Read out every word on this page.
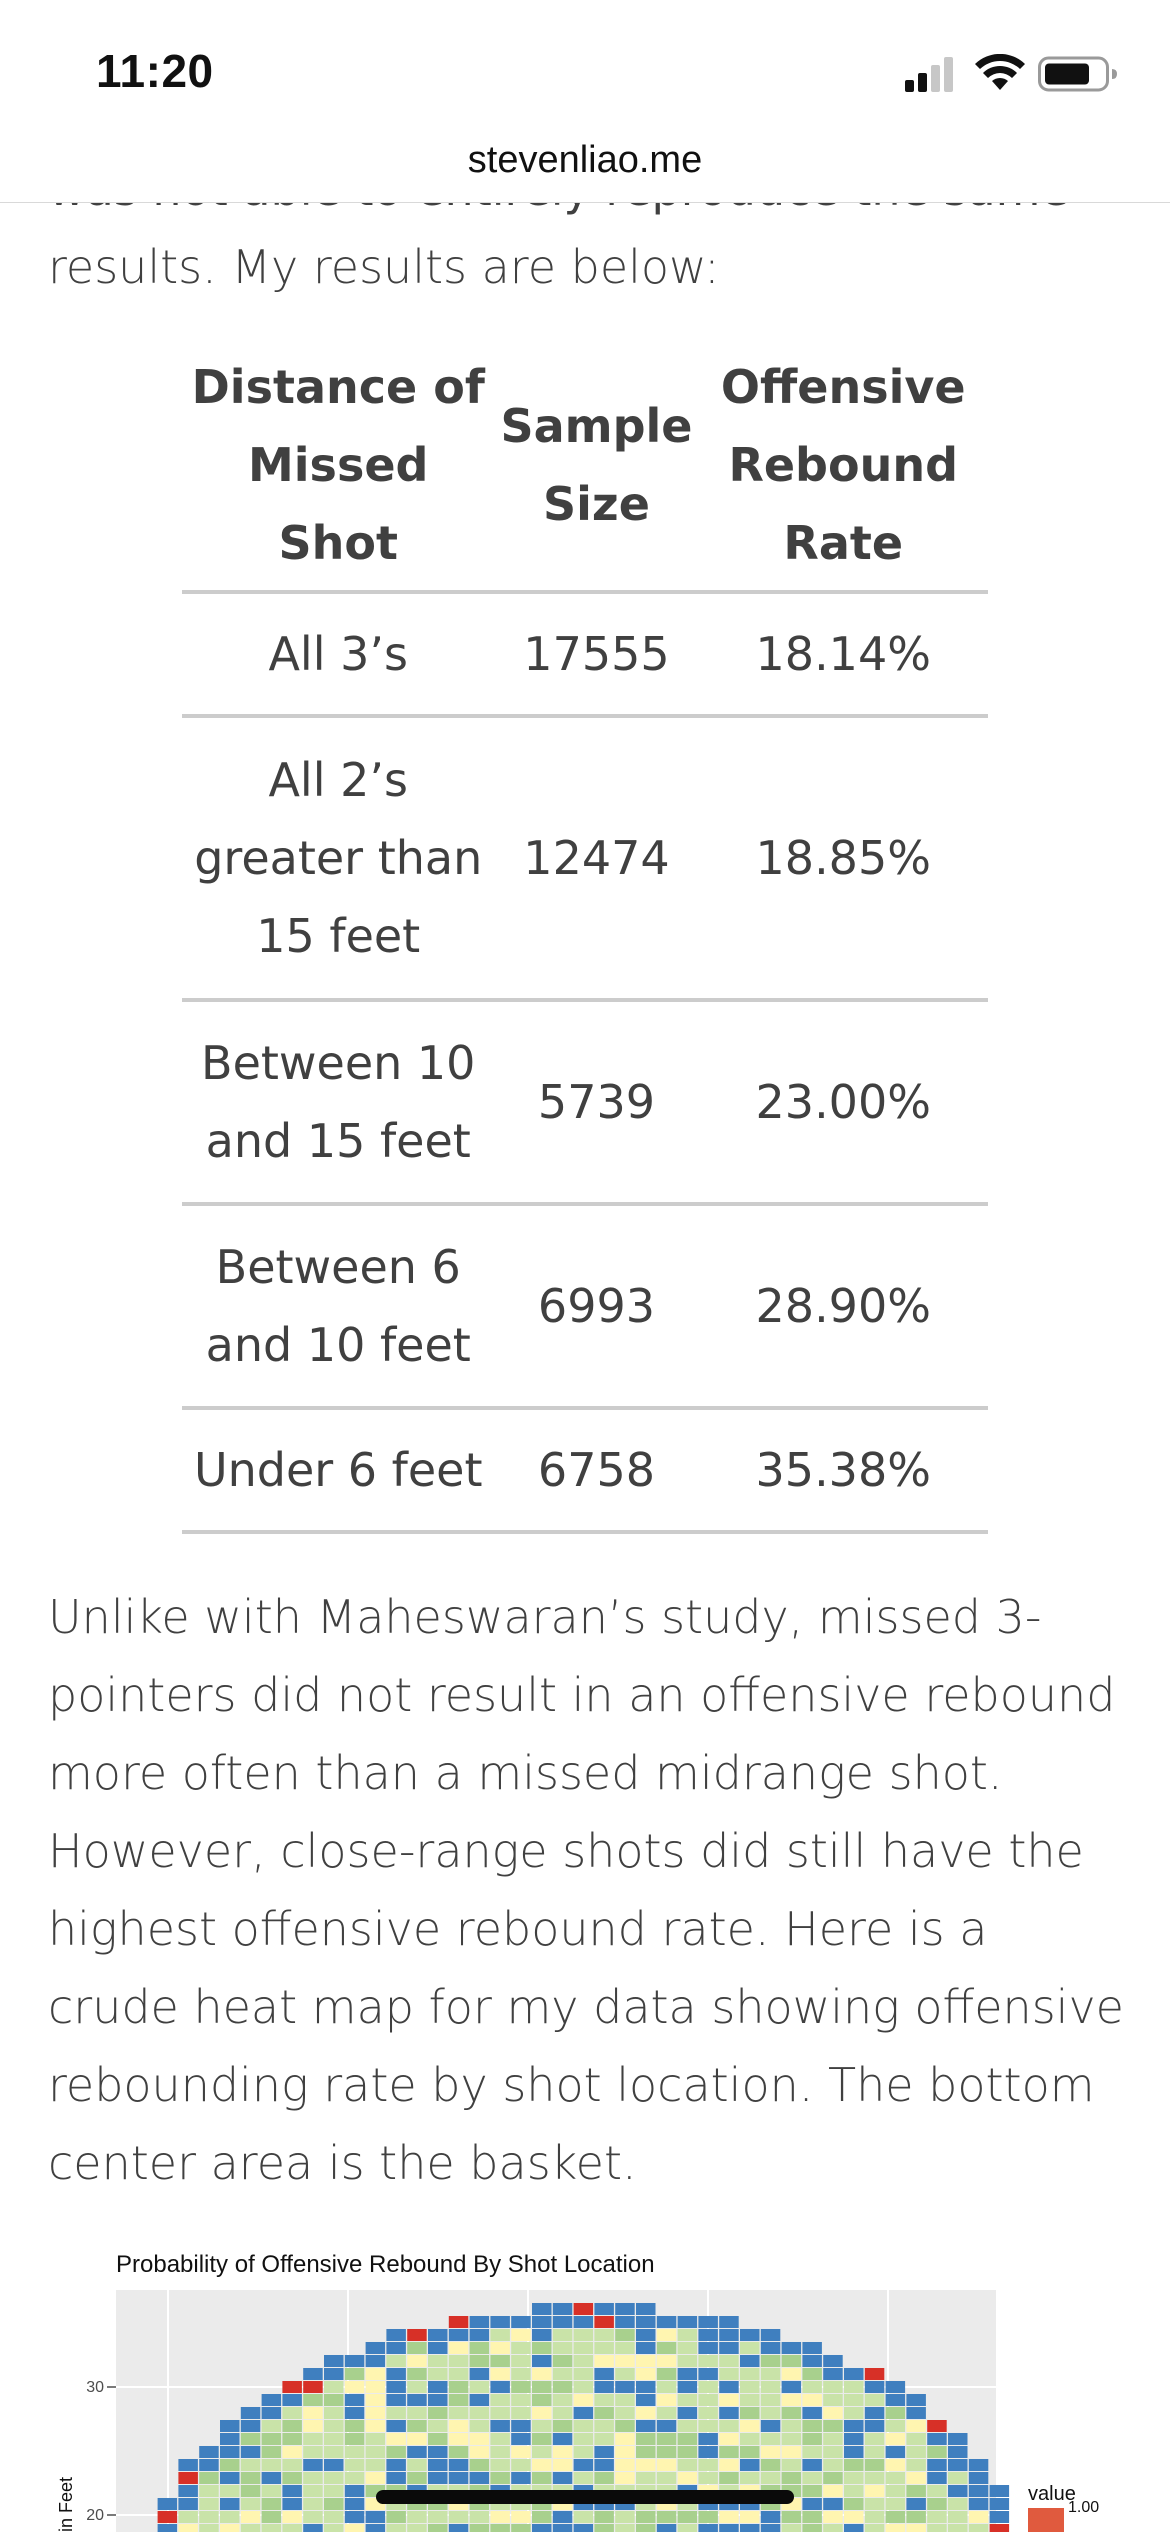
11:20
stevenliao.me

results. My results are below:

Distance of Missed Shot	Sample Size	Offensive Rebound Rate
All 3’s	17555	18.14%
All 2’s greater than 15 feet	12474	18.85%
Between 10 and 15 feet	5739	23.00%
Between 6 and 10 feet	6993	28.90%
Under 6 feet	6758	35.38%

Unlike with Maheswaran’s study, missed 3-pointers did not result in an offensive rebound more often than a missed midrange shot. However, close-range shots did still have the highest offensive rebound rate. Here is a crude heat map for my data showing offensive rebounding rate by shot location. The bottom center area is the basket.

Probability of Offensive Rebound By Shot Location
30
20
in Feet	value
1.00
